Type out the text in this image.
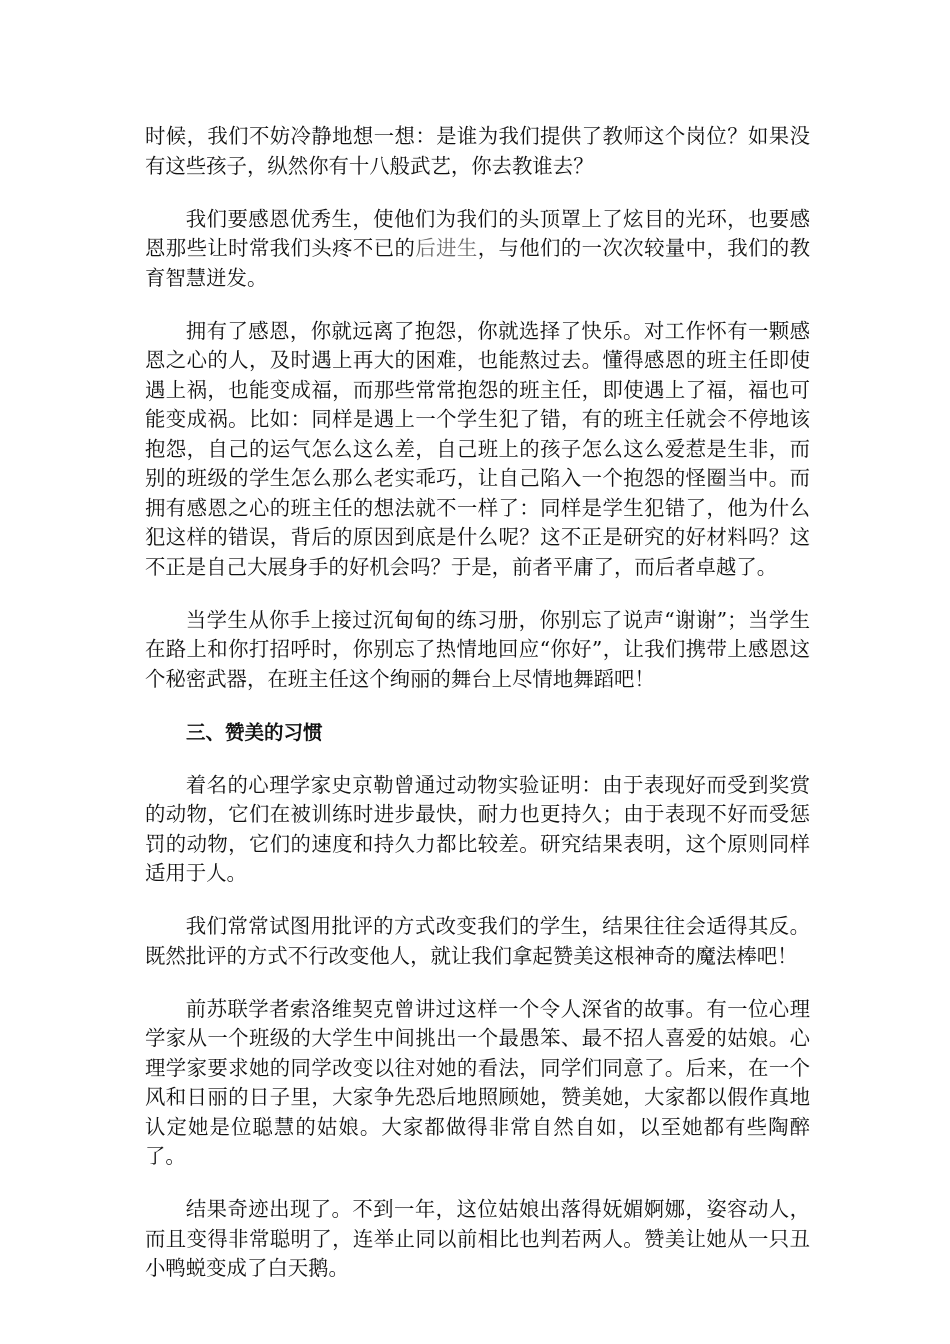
时候，我们不妨冷静地想一想：是谁为我们提供了教师这个岗位？如果没有这些孩子，纵然你有十八般武艺，你去教谁去？

我们要感恩优秀生，使他们为我们的头顶罩上了炫目的光环，也要感恩那些让时常我们头疼不已的后进生，与他们的一次次较量中，我们的教育智慧迸发。

拥有了感恩，你就远离了抱怨，你就选择了快乐。对工作怀有一颗感恩之心的人，及时遇上再大的困难，也能熬过去。懂得感恩的班主任即使遇上祸，也能变成福，而那些常常抱怨的班主任，即使遇上了福，福也可能变成祸。比如：同样是遇上一个学生犯了错，有的班主任就会不停地该抱怨，自己的运气怎么这么差，自己班上的孩子怎么这么爱惹是生非，而别的班级的学生怎么那么老实乖巧，让自己陷入一个抱怨的怪圈当中。而拥有感恩之心的班主任的想法就不一样了：同样是学生犯错了，他为什么犯这样的错误，背后的原因到底是什么呢？这不正是研究的好材料吗？这不正是自己大展身手的好机会吗？于是，前者平庸了，而后者卓越了。

当学生从你手上接过沉甸甸的练习册，你别忘了说声“谢谢”；当学生在路上和你打招呼时，你别忘了热情地回应“你好”，让我们携带上感恩这个秘密武器，在班主任这个绚丽的舞台上尽情地舞蹈吧！

三、赞美的习惯

着名的心理学家史京勒曾通过动物实验证明：由于表现好而受到奖赏的动物，它们在被训练时进步最快，耐力也更持久；由于表现不好而受惩罚的动物，它们的速度和持久力都比较差。研究结果表明，这个原则同样适用于人。

我们常常试图用批评的方式改变我们的学生，结果往往会适得其反。既然批评的方式不行改变他人，就让我们拿起赞美这根神奇的魔法棒吧！

前苏联学者索洛维契克曾讲过这样一个令人深省的故事。有一位心理学家从一个班级的大学生中间挑出一个最愚笨、最不招人喜爱的姑娘。心理学家要求她的同学改变以往对她的看法，同学们同意了。后来，在一个风和日丽的日子里，大家争先恐后地照顾她，赞美她，大家都以假作真地认定她是位聪慧的姑娘。大家都做得非常自然自如，以至她都有些陶醉了。

结果奇迹出现了。不到一年，这位姑娘出落得妩媚婀娜，姿容动人，而且变得非常聪明了，连举止同以前相比也判若两人。赞美让她从一只丑小鸭蜕变成了白天鹅。
